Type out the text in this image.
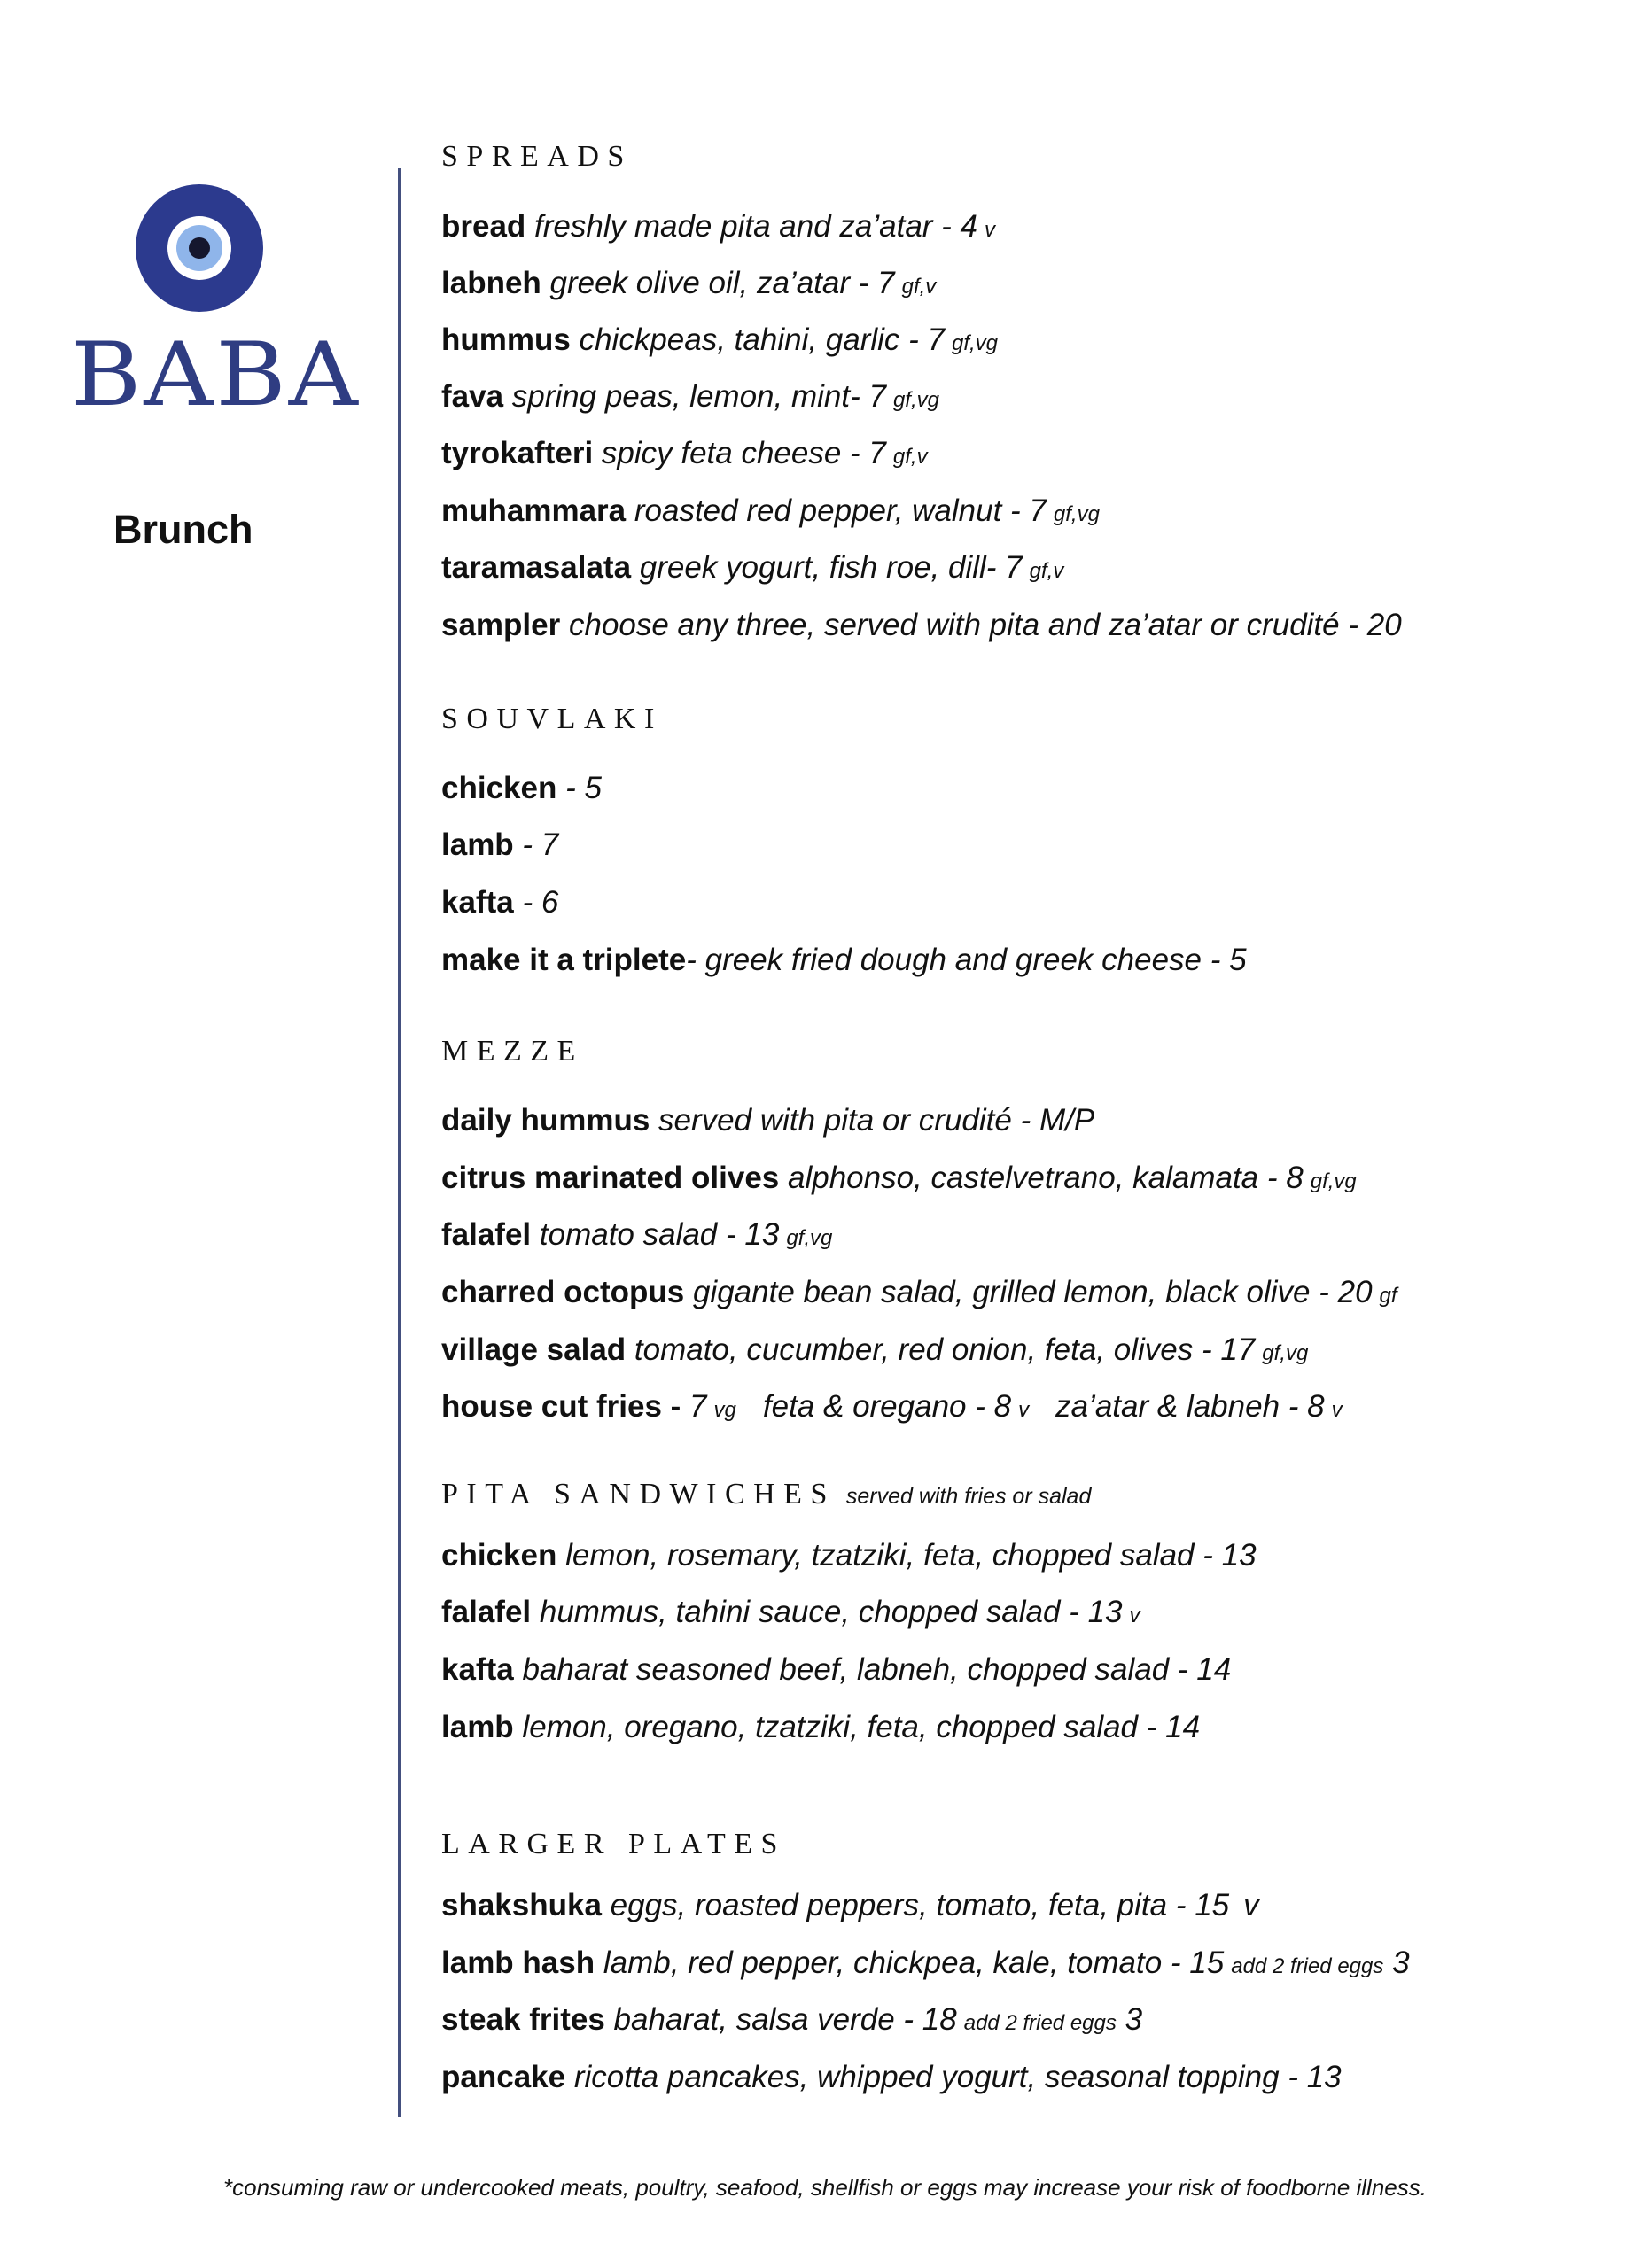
BABA
Brunch
SPREADS
bread freshly made pita and za’atar - 4 v
labneh greek olive oil, za’atar - 7 gf,v
hummus chickpeas, tahini, garlic - 7 gf,vg
fava spring peas, lemon, mint- 7 gf,vg
tyrokafteri spicy feta cheese - 7 gf,v
muhammara roasted red pepper, walnut - 7 gf,vg
taramasalata greek yogurt, fish roe, dill- 7 gf,v
sampler choose any three, served with pita and za’atar or crudité - 20
SOUVLAKI
chicken - 5
lamb - 7
kafta - 6
make it a triplete- greek fried dough and greek cheese - 5
MEZZE
daily hummus served with pita or crudité - M/P
citrus marinated olives alphonso, castelvetrano, kalamata - 8 gf,vg
falafel tomato salad - 13 gf,vg
charred octopus gigante bean salad, grilled lemon, black olive - 20 gf
village salad tomato, cucumber, red onion, feta, olives - 17 gf,vg
house cut fries - 7 vg feta & oregano - 8 v za’atar & labneh - 8 v
PITA SANDWICHES served with fries or salad
chicken lemon, rosemary, tzatziki, feta, chopped salad - 13
falafel hummus, tahini sauce, chopped salad - 13 v
kafta baharat seasoned beef, labneh, chopped salad - 14
lamb lemon, oregano, tzatziki, feta, chopped salad - 14
LARGER PLATES
shakshuka eggs, roasted peppers, tomato, feta, pita - 15 v
lamb hash lamb, red pepper, chickpea, kale, tomato - 15 add 2 fried eggs 3
steak frites baharat, salsa verde - 18 add 2 fried eggs 3
pancake ricotta pancakes, whipped yogurt, seasonal topping - 13
*consuming raw or undercooked meats, poultry, seafood, shellfish or eggs may increase your risk of foodborne illness.
